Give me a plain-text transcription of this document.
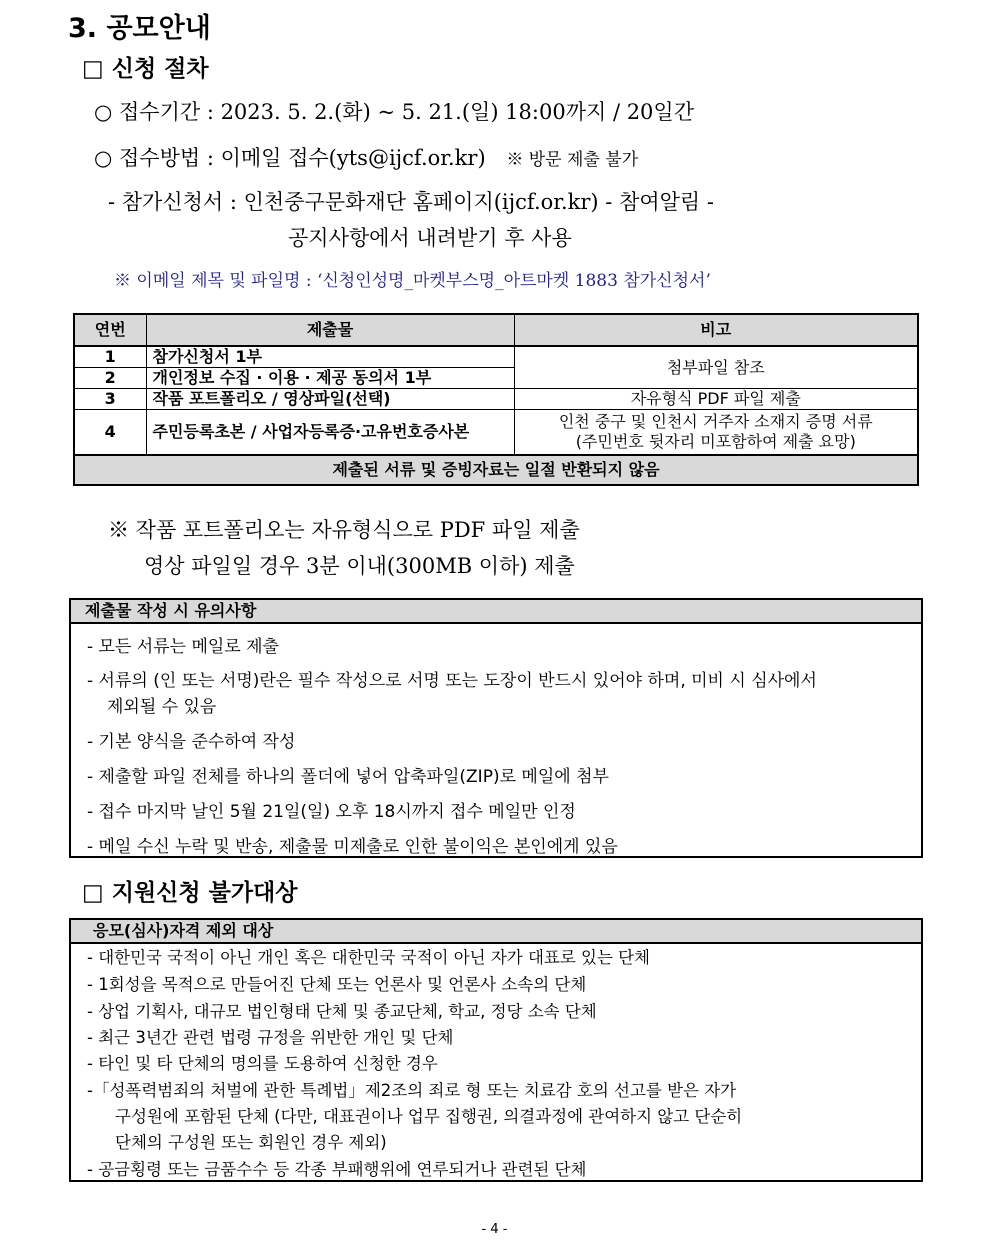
3. 공모안내
□ 신청 절차
○ 접수기간 : 2023. 5. 2.(화) ~ 5. 21.(일) 18:00까지 / 20일간
○ 접수방법 : 이메일 접수(yts@ijcf.or.kr) ※ 방문 제출 불가
- 참가신청서 : 인천중구문화재단 홈페이지(ijcf.or.kr) - 참여알림 -
공지사항에서 내려받기 후 사용
※ 이메일 제목 및 파일명 : ‘신청인성명_마켓부스명_아트마켓 1883 참가신청서’
연번	제출물	비고
1	참가신청서 1부	첨부파일 참조
2	개인정보 수집 · 이용 · 제공 동의서 1부	
3	작품 포트폴리오 / 영상파일(선택)	자유형식 PDF 파일 제출
4	주민등록초본 / 사업자등록증·고유번호증사본	인천 중구 및 인천시 거주자 소재지 증명 서류
(주민번호 뒷자리 미포함하여 제출 요망)

제출된 서류 및 증빙자료는 일절 반환되지 않음		
※ 작품 포트폴리오는 자유형식으로 PDF 파일 제출
영상 파일일 경우 3분 이내(300MB 이하) 제출
제출물 작성 시 유의사항
- 모든 서류는 메일로 제출
- 서류의 (인 또는 서명)란은 필수 작성으로 서명 또는 도장이 반드시 있어야 하며, 미비 시 심사에서
제외될 수 있음
- 기본 양식을 준수하여 작성
- 제출할 파일 전체를 하나의 폴더에 넣어 압축파일(ZIP)로 메일에 첨부
- 접수 마지막 날인 5월 21일(일) 오후 18시까지 접수 메일만 인정
- 메일 수신 누락 및 반송, 제출물 미제출로 인한 불이익은 본인에게 있음
□ 지원신청 불가대상
응모(심사)자격 제외 대상
- 대한민국 국적이 아닌 개인 혹은 대한민국 국적이 아닌 자가 대표로 있는 단체
- 1회성을 목적으로 만들어진 단체 또는 언론사 및 언론사 소속의 단체
- 상업 기획사, 대규모 법인형태 단체 및 종교단체, 학교, 정당 소속 단체
- 최근 3년간 관련 법령 규정을 위반한 개인 및 단체
- 타인 및 타 단체의 명의를 도용하여 신청한 경우
-「성폭력범죄의 처벌에 관한 특례법」제2조의 죄로 형 또는 치료감 호의 선고를 받은 자가
구성원에 포함된 단체 (다만, 대표권이나 업무 집행권, 의결과정에 관여하지 않고 단순히
단체의 구성원 또는 회원인 경우 제외)
- 공금횡령 또는 금품수수 등 각종 부패행위에 연루되거나 관련된 단체
- 4 -
